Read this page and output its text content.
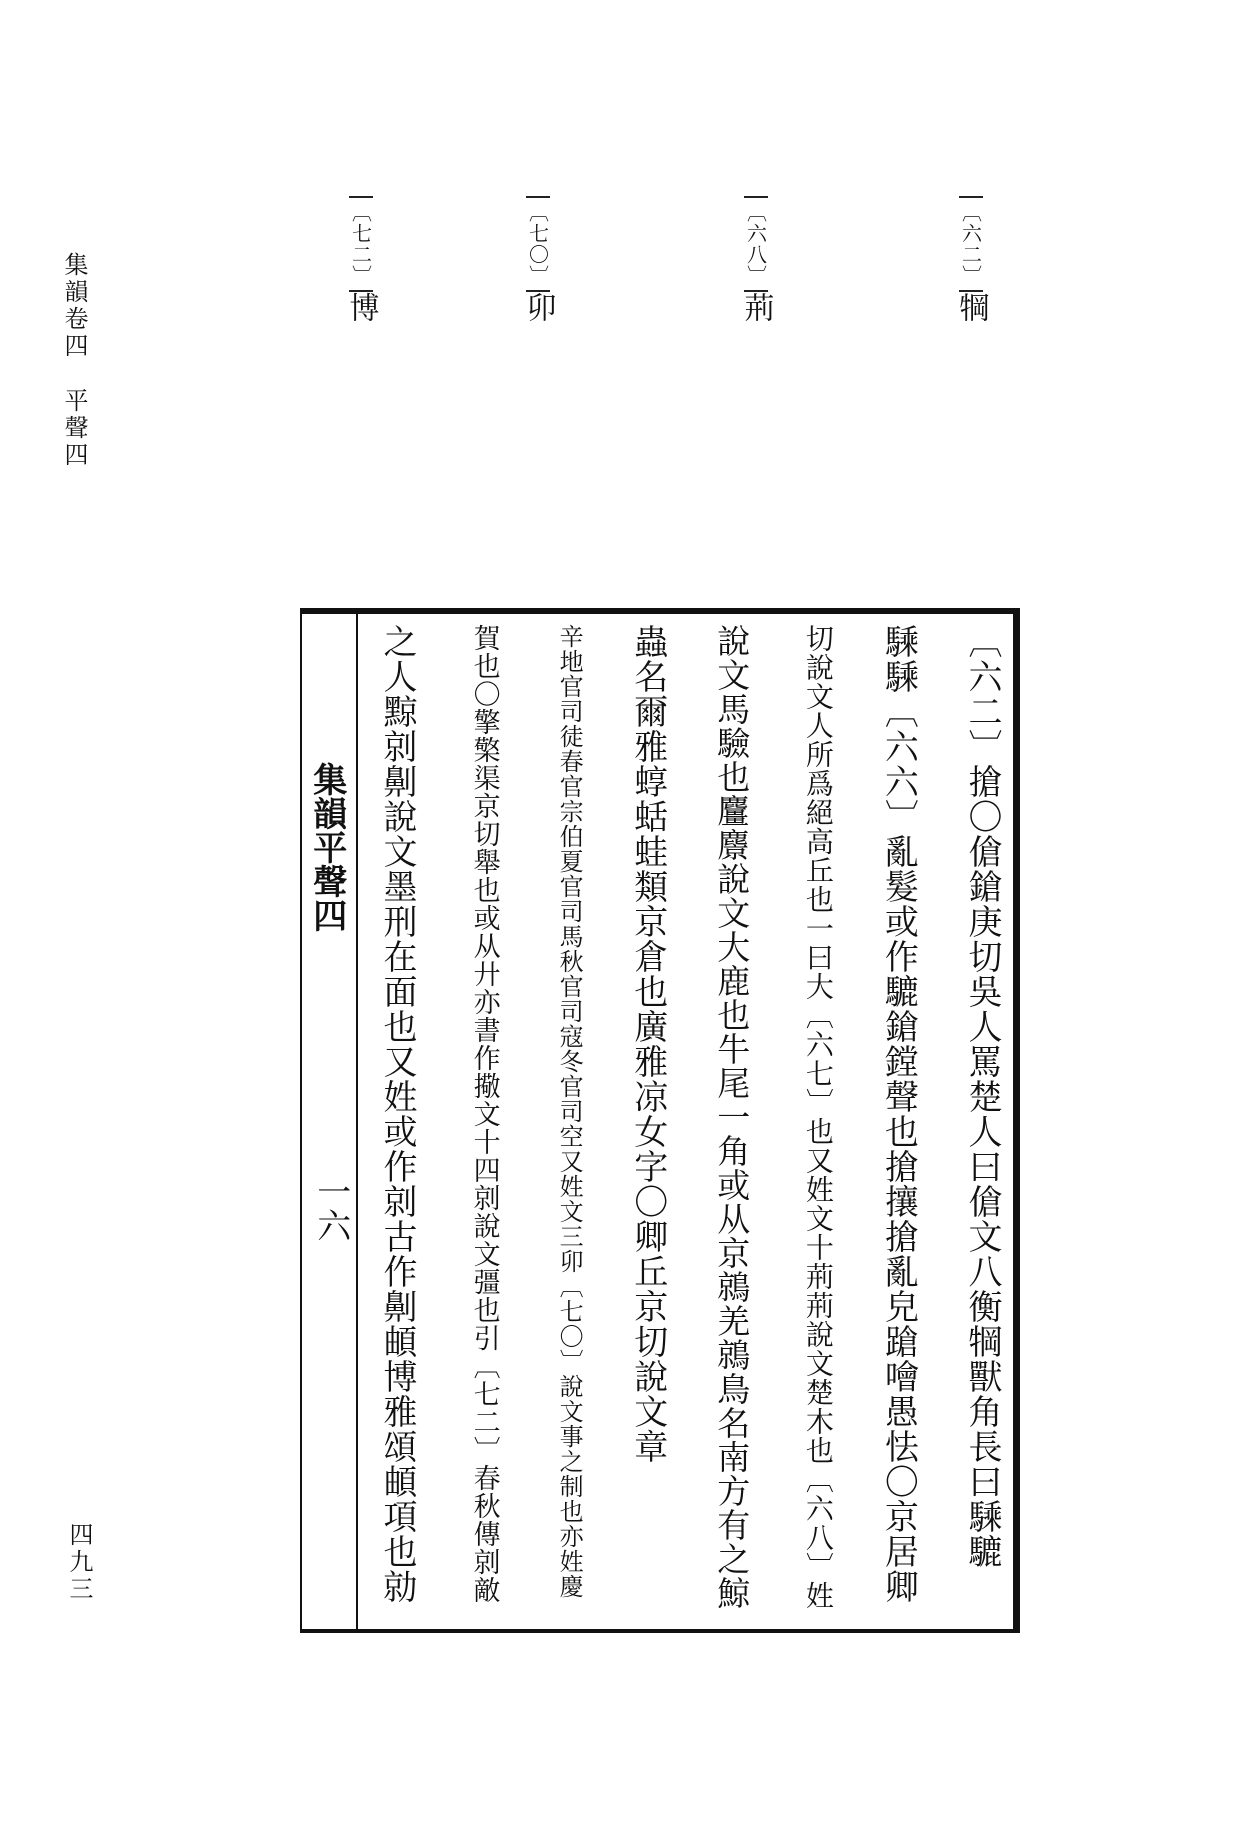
集韻卷四平聲四
四九三
〔六二〕犅
〔六八〕荊
〔七〇〕卯
〔七二〕博
集韻平聲四
一六	〔六二〕搶〇傖鎗庚切吳人罵楚人曰傖文八衡犅獸角長曰騬騼
騬騬〔六六〕亂髮或作騼鎗鏜聲也搶攘搶亂皃蹌噲愚怯〇京居卿
切說文人所爲絕高丘也一曰大〔六七〕也又姓文十荊荊說文楚木也〔六八〕姓
說文馬驗也麠麖說文大鹿也牛尾一角或从京鶁羌鶁鳥名南方有之鯨
蟲名爾雅蜳蛞蛙類京倉也廣雅凉女字〇卿丘京切說文章
辛地官司徒春官宗伯夏官司馬秋官司寇冬官司空又姓文三卯〔七〇〕說文事之制也亦姓慶
賀也〇擎檠渠京切舉也或从廾亦書作擏文十四剠說文彊也引〔七二〕春秋傳剠敵
之人黥剠劓說文墨刑在面也又姓或作剠古作劓頔博雅頌頔項也勍
